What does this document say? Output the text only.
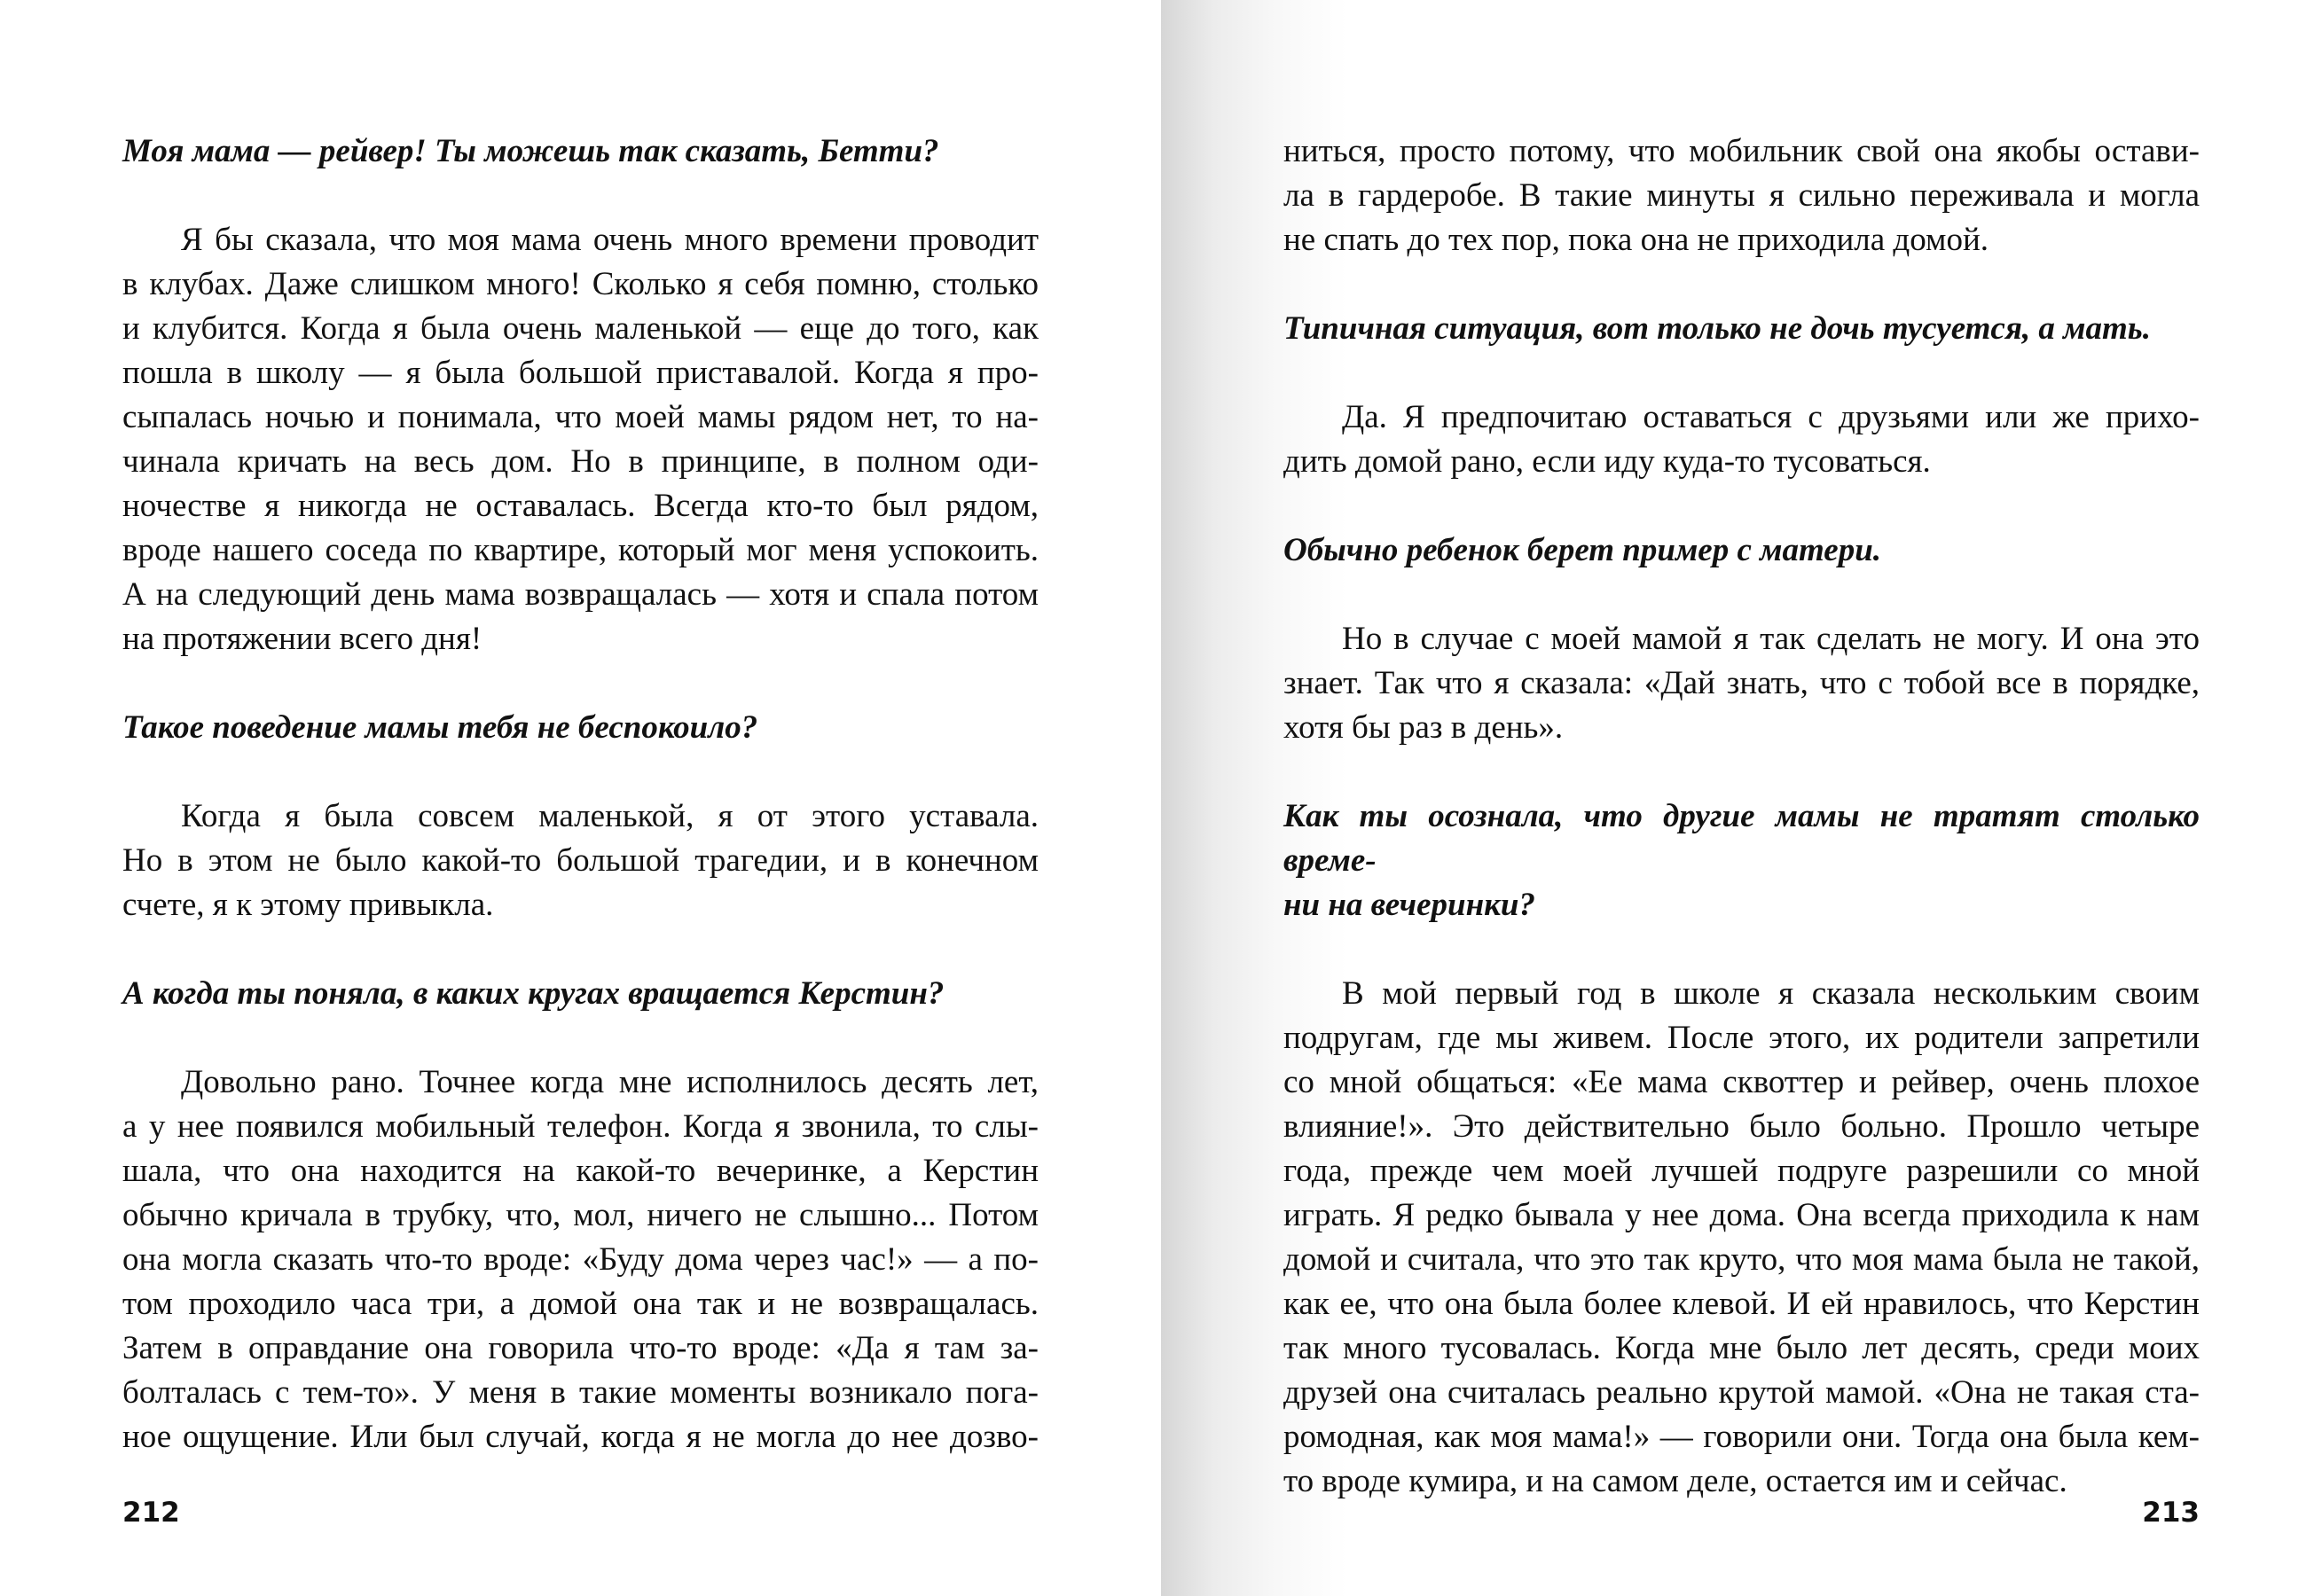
Моя мама — рейвер! Ты можешь так сказать, Бетти?

Я бы сказала, что моя мама очень много времени проводит
в клубах. Даже слишком много! Сколько я себя помню, столько
и клубится. Когда я была очень маленькой — еще до того, как
пошла в школу — я была большой приставалой. Когда я про-
сыпалась ночью и понимала, что моей мамы рядом нет, то на-
чинала кричать на весь дом. Но в принципе, в полном оди-
ночестве я никогда не оставалась. Всегда кто-то был рядом,
вроде нашего соседа по квартире, который мог меня успокоить.
А на следующий день мама возвращалась — хотя и спала потом
на протяжении всего дня!

Такое поведение мамы тебя не беспокоило?

Когда я была совсем маленькой, я от этого уставала.
Но в этом не было какой-то большой трагедии, и в конечном
счете, я к этому привыкла.

А когда ты поняла, в каких кругах вращается Керстин?

Довольно рано. Точнее когда мне исполнилось десять лет,
а у нее появился мобильный телефон. Когда я звонила, то слы-
шала, что она находится на какой-то вечеринке, а Керстин
обычно кричала в трубку, что, мол, ничего не слышно... Потом
она могла сказать что-то вроде: «Буду дома через час!» — а по-
том проходило часа три, а домой она так и не возвращалась.
Затем в оправдание она говорила что-то вроде: «Да я там за-
болталась с тем-то». У меня в такие моменты возникало пога-
ное ощущение. Или был случай, когда я не могла до нее дозво-

212

ниться, просто потому, что мобильник свой она якобы остави-
ла в гардеробе. В такие минуты я сильно переживала и могла
не спать до тех пор, пока она не приходила домой.

Типичная ситуация, вот только не дочь тусуется, а мать.

Да. Я предпочитаю оставаться с друзьями или же прихо-
дить домой рано, если иду куда-то тусоваться.

Обычно ребенок берет пример с матери.

Но в случае с моей мамой я так сделать не могу. И она это
знает. Так что я сказала: «Дай знать, что с тобой все в порядке,
хотя бы раз в день».

Как ты осознала, что другие мамы не тратят столько време-
ни на вечеринки?

В мой первый год в школе я сказала нескольким своим
подругам, где мы живем. После этого, их родители запретили
со мной общаться: «Ее мама сквоттер и рейвер, очень плохое
влияние!». Это действительно было больно. Прошло четыре
года, прежде чем моей лучшей подруге разрешили со мной
играть. Я редко бывала у нее дома. Она всегда приходила к нам
домой и считала, что это так круто, что моя мама была не такой,
как ее, что она была более клевой. И ей нравилось, что Керстин
так много тусовалась. Когда мне было лет десять, среди моих
друзей она считалась реально крутой мамой. «Она не такая ста-
ромодная, как моя мама!» — говорили они. Тогда она была кем-
то вроде кумира, и на самом деле, остается им и сейчас.

213
